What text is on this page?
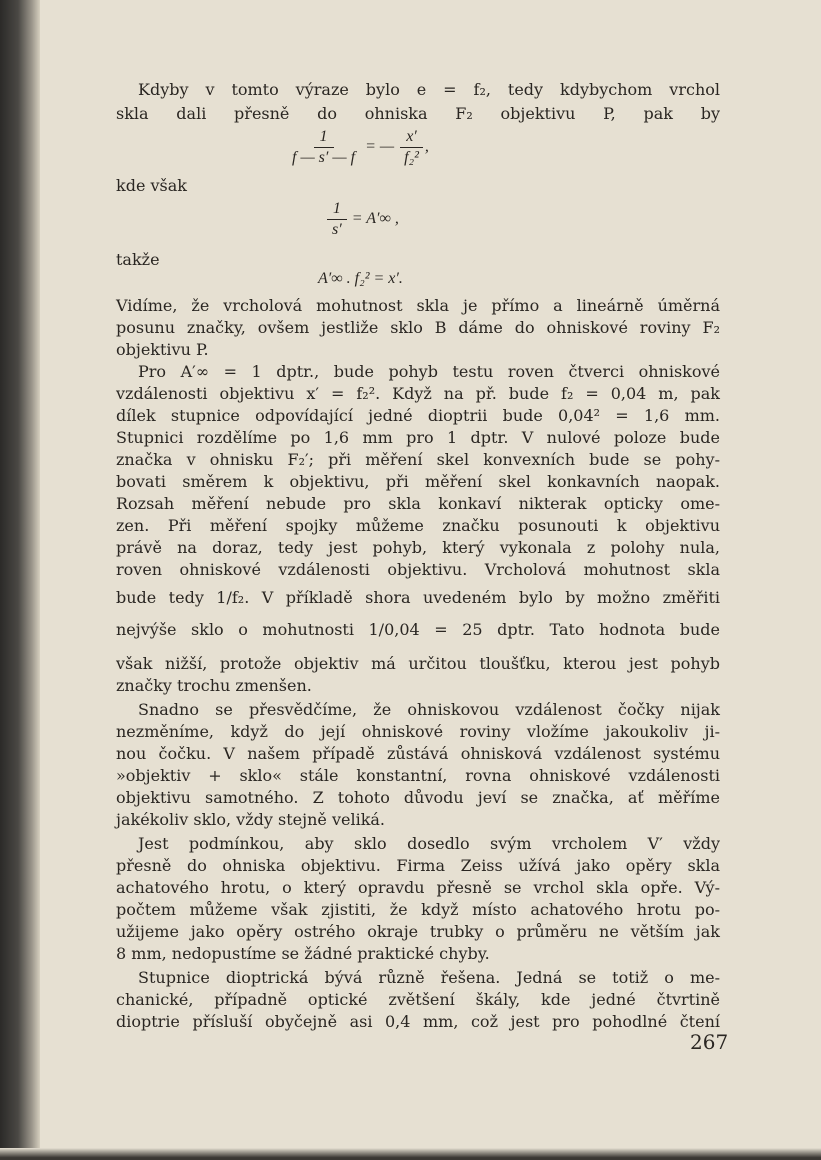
Kdyby v tomto výraze bylo e = f₂, tedy kdybychom vrchol
skla dali přesně do ohniska F₂ objektivu P, pak by
$\frac{1}{f — s' — f}$ = — $\frac{x'}{\text{f₂²}}$ ,
kde však
$\frac{1}{s'} = A'\infty$ ,
takže
A′∞ . f₂² = x′.
Vidíme, že vrcholová mohutnost skla je přímo a lineárně úměrná
posunu značky, ovšem jestliže sklo B dáme do ohniskové roviny F₂
objektivu P.
Pro A′∞ = 1 dptr., bude pohyb testu roven čtverci ohniskové
vzdálenosti objektivu x′ = f₂². Když na př. bude f₂ = 0,04 m, pak
dílek stupnice odpovídající jedné dioptrii bude 0,04² = 1,6 mm.
Stupnici rozdělíme po 1,6 mm pro 1 dptr. V nulové poloze bude
značka v ohnisku F₂′; při měření skel konvexních bude se pohy-
bovati směrem k objektivu, při měření skel konkavních naopak.
Rozsah měření nebude pro skla konkaví nikterak opticky ome-
zen. Při měření spojky můžeme značku posunouti k objektivu
právě na doraz, tedy jest pohyb, který vykonala z polohy nula,
roven ohniskové vzdálenosti objektivu. Vrcholová mohutnost skla
bude tedy 1/f₂. V příkladě shora uvedeném bylo by možno změřiti
nejvýše sklo o mohutnosti 1/0,04 = 25 dptr. Tato hodnota bude
však nižší, protože objektiv má určitou tloušťku, kterou jest pohyb
značky trochu zmenšen.
Snadno se přesvědčíme, že ohniskovou vzdálenost čočky nijak
nezměníme, když do její ohniskové roviny vložíme jakoukoliv ji-
nou čočku. V našem případě zůstává ohnisková vzdálenost systému
»objektiv + sklo« stále konstantní, rovna ohniskové vzdálenosti
objektivu samotného. Z tohoto důvodu jeví se značka, ať měříme
jakékoliv sklo, vždy stejně veliká.
Jest podmínkou, aby sklo dosedlo svým vrcholem V′ vždy
přesně do ohniska objektivu. Firma Zeiss užívá jako opěry skla
achatového hrotu, o který opravdu přesně se vrchol skla opře. Vý-
počtem můžeme však zjistiti, že když místo achatového hrotu po-
užijeme jako opěry ostrého okraje trubky o průměru ne větším jak
8 mm, nedopustíme se žádné praktické chyby.
Stupnice dioptrická bývá různě řešena. Jedná se totiž o me-
chanické, případně optické zvětšení škály, kde jedné čtvrtině
dioptrie přísluší obyčejně asi 0,4 mm, což jest pro pohodlné čtení
267
